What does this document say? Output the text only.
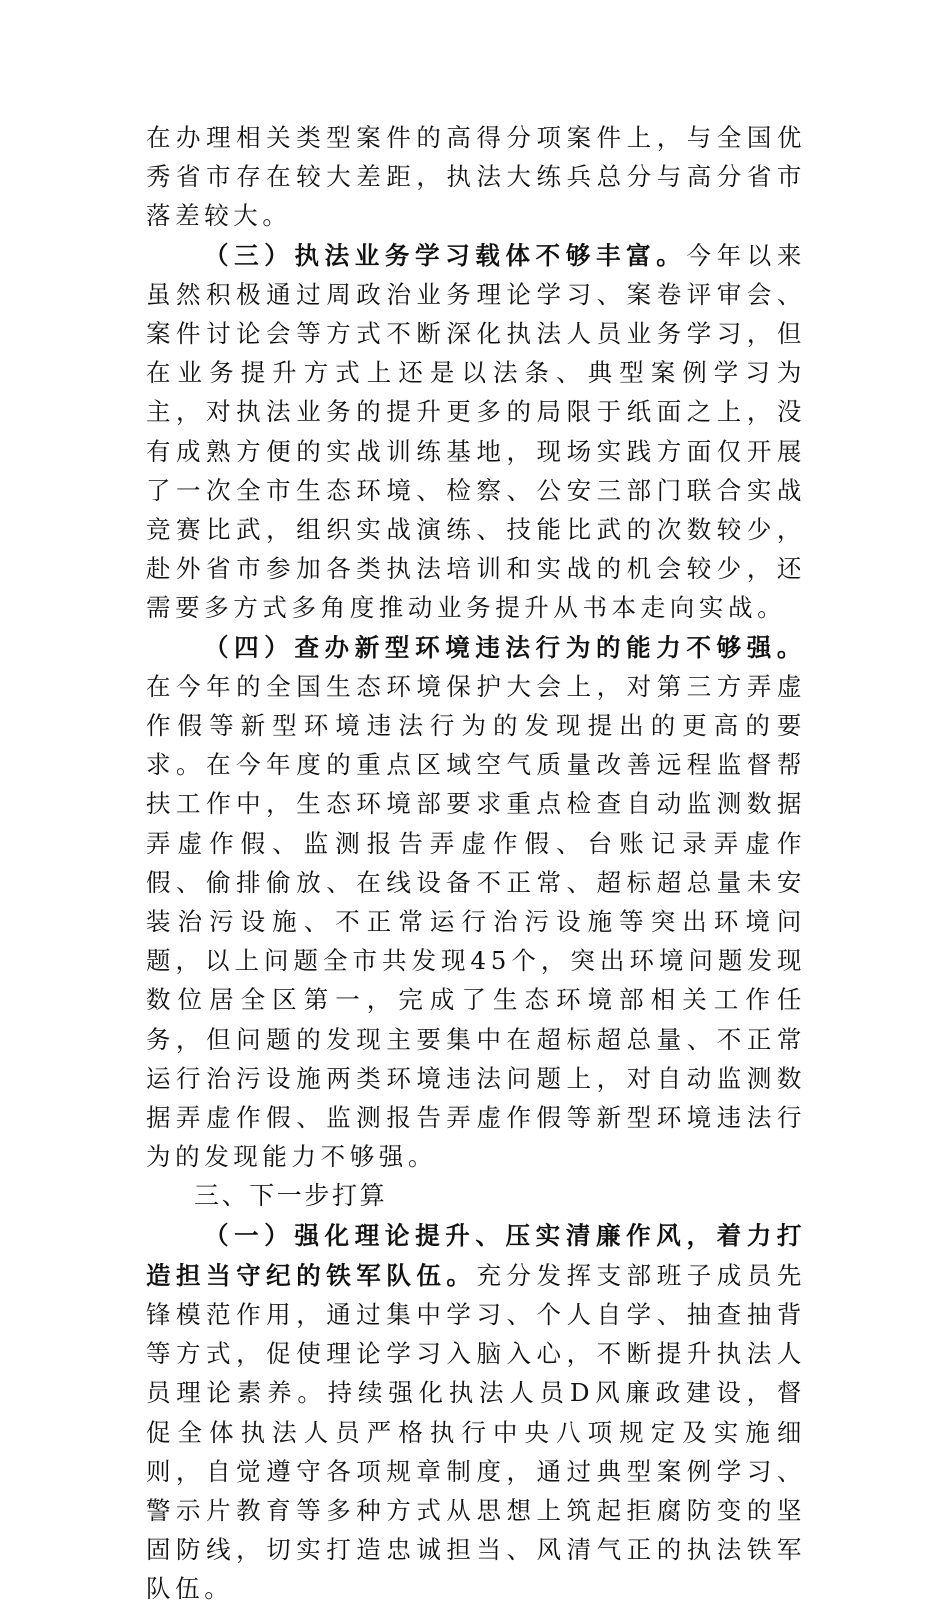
在办理相关类型案件的高得分项案件上，与全国优秀省市存在较大差距，执法大练兵总分与高分省市落差较大。

（三）执法业务学习载体不够丰富。今年以来虽然积极通过周政治业务理论学习、案卷评审会、案件讨论会等方式不断深化执法人员业务学习，但在业务提升方式上还是以法条、典型案例学习为主，对执法业务的提升更多的局限于纸面之上，没有成熟方便的实战训练基地，现场实践方面仅开展了一次全市生态环境、检察、公安三部门联合实战竞赛比武，组织实战演练、技能比武的次数较少，赴外省市参加各类执法培训和实战的机会较少，还需要多方式多角度推动业务提升从书本走向实战。

（四）查办新型环境违法行为的能力不够强。在今年的全国生态环境保护大会上，对第三方弄虚作假等新型环境违法行为的发现提出的更高的要求。在今年度的重点区域空气质量改善远程监督帮扶工作中，生态环境部要求重点检查自动监测数据弄虚作假、监测报告弄虚作假、台账记录弄虚作假、偷排偷放、在线设备不正常、超标超总量未安装治污设施、不正常运行治污设施等突出环境问题，以上问题全市共发现45个，突出环境问题发现数位居全区第一，完成了生态环境部相关工作任务，但问题的发现主要集中在超标超总量、不正常运行治污设施两类环境违法问题上，对自动监测数据弄虚作假、监测报告弄虚作假等新型环境违法行为的发现能力不够强。

三、下一步打算

（一）强化理论提升、压实清廉作风，着力打造担当守纪的铁军队伍。充分发挥支部班子成员先锋模范作用，通过集中学习、个人自学、抽查抽背等方式，促使理论学习入脑入心，不断提升执法人员理论素养。持续强化执法人员D风廉政建设，督促全体执法人员严格执行中央八项规定及实施细则，自觉遵守各项规章制度，通过典型案例学习、警示片教育等多种方式从思想上筑起拒腐防变的坚固防线，切实打造忠诚担当、风清气正的执法铁军队伍。
